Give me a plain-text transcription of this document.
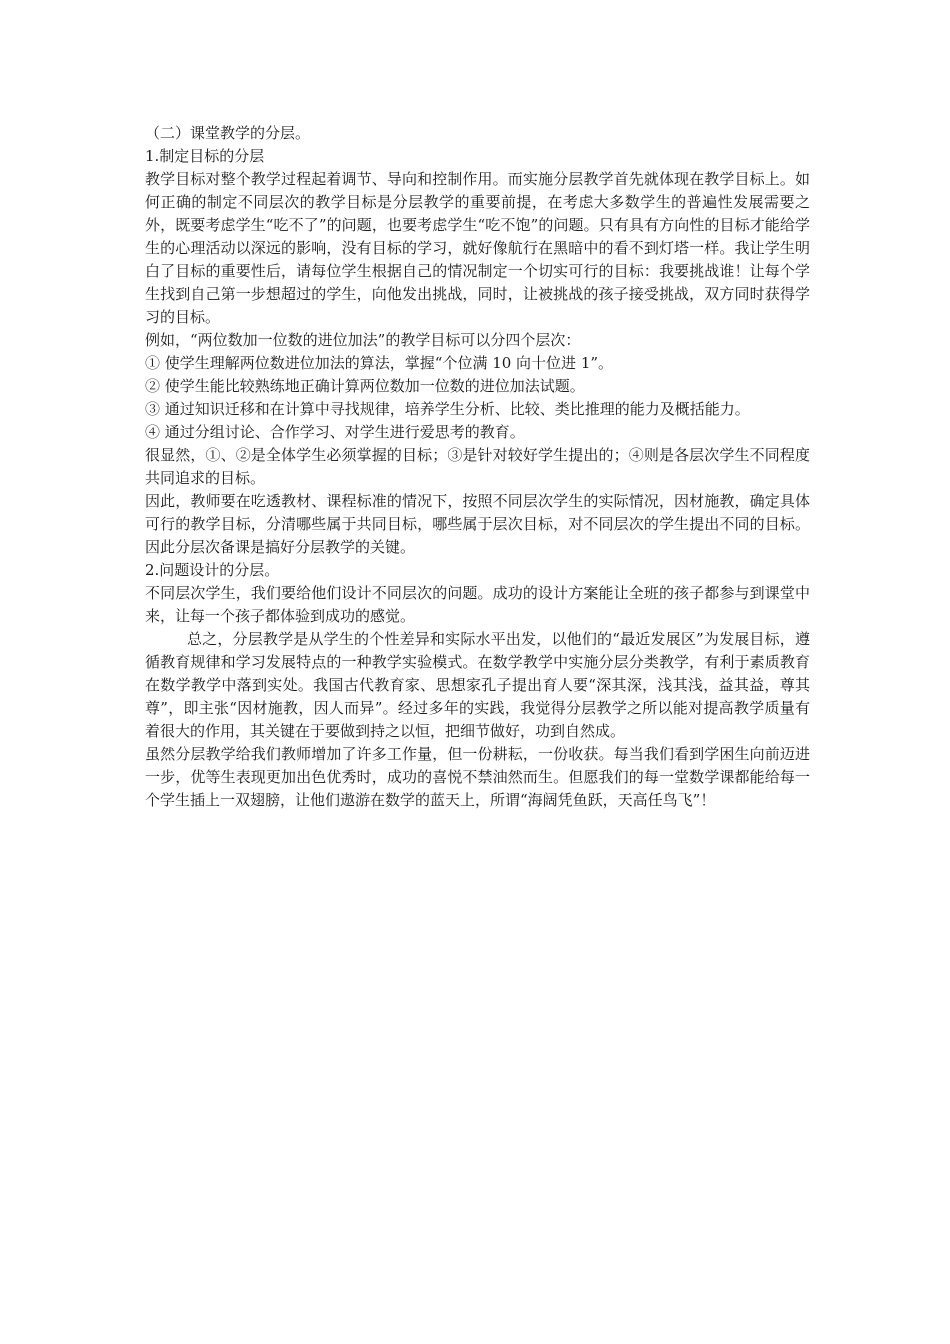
（二）课堂教学的分层。

1.制定目标的分层

教学目标对整个教学过程起着调节、导向和控制作用。而实施分层教学首先就体现在教学目标上。如何正确的制定不同层次的教学目标是分层教学的重要前提，在考虑大多数学生的普遍性发展需要之外，既要考虑学生“吃不了”的问题，也要考虑学生“吃不饱”的问题。只有具有方向性的目标才能给学生的心理活动以深远的影响，没有目标的学习，就好像航行在黑暗中的看不到灯塔一样。我让学生明白了目标的重要性后，请每位学生根据自己的情况制定一个切实可行的目标：我要挑战谁！让每个学生找到自己第一步想超过的学生，向他发出挑战，同时，让被挑战的孩子接受挑战，双方同时获得学习的目标。

例如，“两位数加一位数的进位加法”的教学目标可以分四个层次：

① 使学生理解两位数进位加法的算法，掌握“个位满 10 向十位进 1”。

② 使学生能比较熟练地正确计算两位数加一位数的进位加法试题。

③ 通过知识迁移和在计算中寻找规律，培养学生分析、比较、类比推理的能力及概括能力。

④ 通过分组讨论、合作学习、对学生进行爱思考的教育。

很显然，①、②是全体学生必须掌握的目标；③是针对较好学生提出的；④则是各层次学生不同程度共同追求的目标。

因此，教师要在吃透教材、课程标准的情况下，按照不同层次学生的实际情况，因材施教，确定具体可行的教学目标，分清哪些属于共同目标，哪些属于层次目标，对不同层次的学生提出不同的目标。因此分层次备课是搞好分层教学的关键。

2.问题设计的分层。

不同层次学生，我们要给他们设计不同层次的问题。成功的设计方案能让全班的孩子都参与到课堂中来，让每一个孩子都体验到成功的感觉。

总之，分层教学是从学生的个性差异和实际水平出发，以他们的“最近发展区”为发展目标，遵循教育规律和学习发展特点的一种教学实验模式。在数学教学中实施分层分类教学，有利于素质教育在数学教学中落到实处。我国古代教育家、思想家孔子提出育人要“深其深，浅其浅，益其益，尊其尊”，即主张“因材施教，因人而异”。经过多年的实践，我觉得分层教学之所以能对提高教学质量有着很大的作用，其关键在于要做到持之以恒，把细节做好，功到自然成。

虽然分层教学给我们教师增加了许多工作量，但一份耕耘，一份收获。每当我们看到学困生向前迈进一步，优等生表现更加出色优秀时，成功的喜悦不禁油然而生。但愿我们的每一堂数学课都能给每一个学生插上一双翅膀，让他们遨游在数学的蓝天上，所谓“海阔凭鱼跃，天高任鸟飞”！
